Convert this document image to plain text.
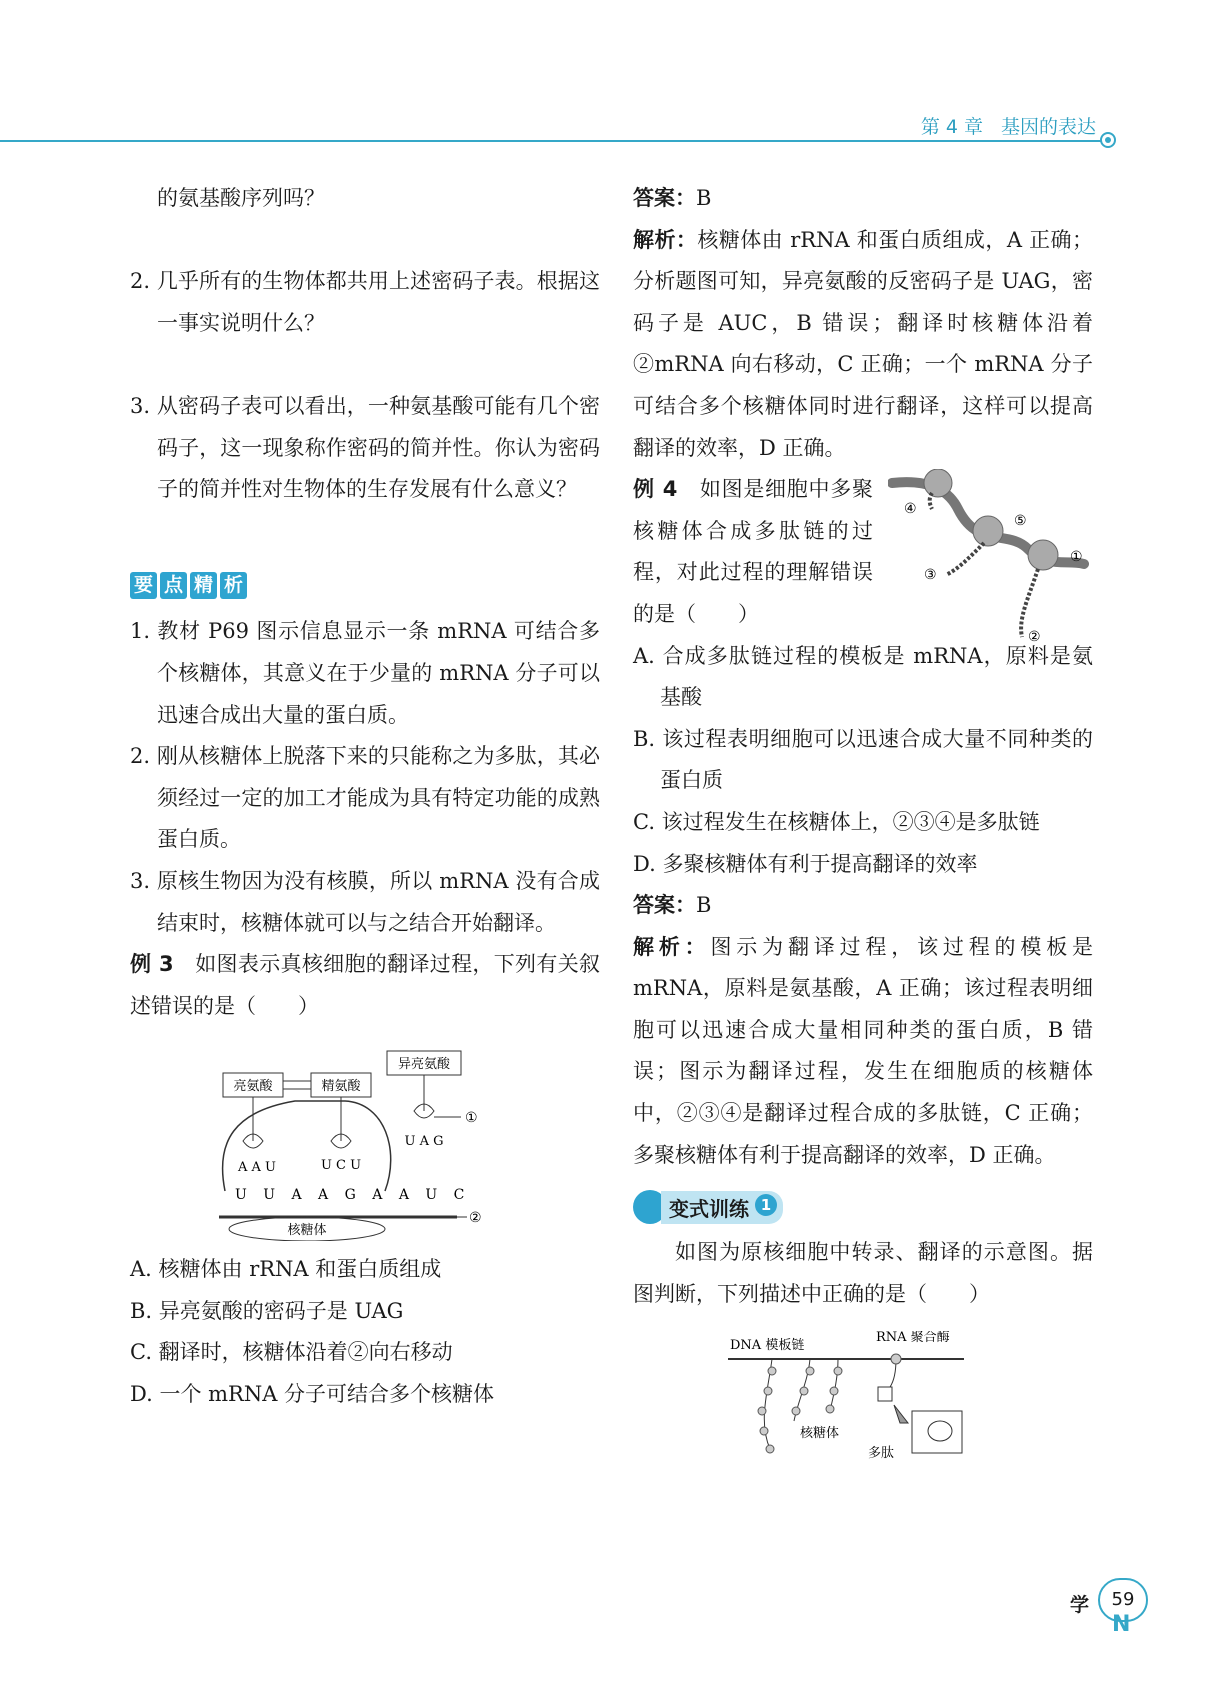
第 4 章 基因的表达

的氨基酸序列吗？

2. 几乎所有的生物体都共用上述密码子表。根据这一事实说明什么？

3. 从密码子表可以看出，一种氨基酸可能有几个密码子，这一现象称作密码的简并性。你认为密码子的简并性对生物体的生存发展有什么意义？

要 点 精 析

1. 教材 P69 图示信息显示一条 mRNA 可结合多个核糖体，其意义在于少量的 mRNA 分子可以迅速合成出大量的蛋白质。

2. 刚从核糖体上脱落下来的只能称之为多肽，其必须经过一定的加工才能成为具有特定功能的成熟蛋白质。

3. 原核生物因为没有核膜，所以 mRNA 没有合成结束时，核糖体就可以与之结合开始翻译。

例 3　 如图表示真核细胞的翻译过程，下列有关叙述错误的是（　　）

亮氨酸	精氨酸
异亮氨酸
①
A A U	U C U
U A G
U U A A G A A U C
②
核糖体

A. 核糖体由 rRNA 和蛋白质组成

B. 异亮氨酸的密码子是 UAG

C. 翻译时，核糖体沿着②向右移动

D. 一个 mRNA 分子可结合多个核糖体

答案：B

解析：核糖体由 rRNA 和蛋白质组成，A 正确；分析题图可知，异亮氨酸的反密码子是 UAG，密码子是 AUC，B 错误；翻译时核糖体沿着②mRNA 向右移动，C 正确；一个 mRNA 分子可结合多个核糖体同时进行翻译，这样可以提高翻译的效率，D 正确。

例 4　 如图是细胞中多聚核糖体合成多肽链的过程，对此过程的理解错误的是（　　）

④
⑤
①
③
②

A. 合成多肽链过程的模板是 mRNA，原料是氨基酸

B. 该过程表明细胞可以迅速合成大量不同种类的蛋白质

C. 该过程发生在核糖体上，②③④是多肽链

D. 多聚核糖体有利于提高翻译的效率

答案：B

解析：图示为翻译过程，该过程的模板是 mRNA，原料是氨基酸，A 正确；该过程表明细胞可以迅速合成大量相同种类的蛋白质，B 错误；图示为翻译过程，发生在细胞质的核糖体中，②③④是翻译过程合成的多肽链，C 正确；多聚核糖体有利于提高翻译的效率，D 正确。

变式训练 1

如图为原核细胞中转录、翻译的示意图。据图判断，下列描述中正确的是（　　）

DNA 模板链
RNA 聚合酶
核糖体
多肽
学	59
N
